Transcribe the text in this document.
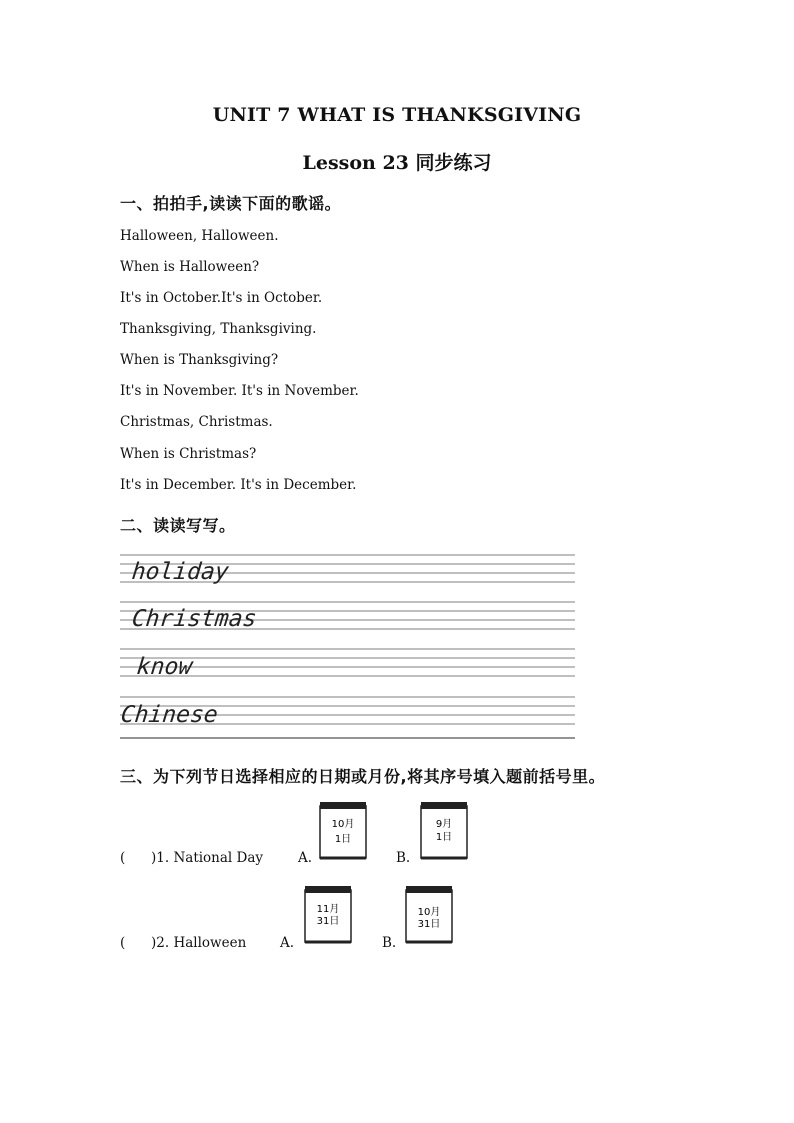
UNIT 7 WHAT IS THANKSGIVING
Lesson 23 同步练习
一、拍拍手,读读下面的歌谣。
Halloween, Halloween.
When is Halloween?
It's in October.It's in October.
Thanksgiving, Thanksgiving.
When is Thanksgiving?
It's in November. It's in November.
Christmas, Christmas.
When is Christmas?
It's in December. It's in December.
二、读读写写。
holiday
Christmas
know
Chinese
三、为下列节日选择相应的日期或月份,将其序号填入题前括号里。
(      )1. National Day	A.
10月
1日
B.
9月
1日
(      )2. Halloween A.
11月
31日
B.
10月
31日
